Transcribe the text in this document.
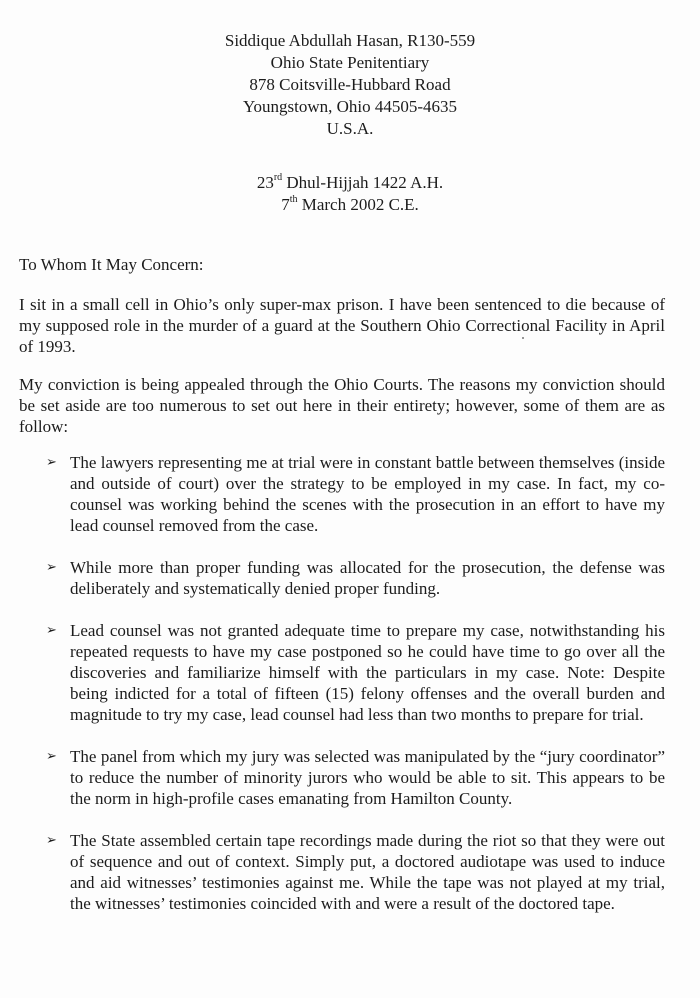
Siddique Abdullah Hasan, R130-559
Ohio State Penitentiary
878 Coitsville-Hubbard Road
Youngstown, Ohio 44505-4635
U.S.A.
23rd Dhul-Hijjah 1422 A.H.
7th March 2002 C.E.
To Whom It May Concern:

I sit in a small cell in Ohio’s only super-max prison. I have been sentenced to die because of my supposed role in the murder of a guard at the Southern Ohio Correctional Facility in April of 1993.

My conviction is being appealed through the Ohio Courts. The reasons my conviction should be set aside are too numerous to set out here in their entirety; however, some of them are as follow:

➢ The lawyers representing me at trial were in constant battle between themselves (inside and outside of court) over the strategy to be employed in my case. In fact, my co-counsel was working behind the scenes with the prosecution in an effort to have my lead counsel removed from the case.
➢ While more than proper funding was allocated for the prosecution, the defense was deliberately and systematically denied proper funding.
➢ Lead counsel was not granted adequate time to prepare my case, notwithstanding his repeated requests to have my case postponed so he could have time to go over all the discoveries and familiarize himself with the particulars in my case. Note: Despite being indicted for a total of fifteen (15) felony offenses and the overall burden and magnitude to try my case, lead counsel had less than two months to prepare for trial.
➢ The panel from which my jury was selected was manipulated by the “jury coordinator” to reduce the number of minority jurors who would be able to sit. This appears to be the norm in high-profile cases emanating from Hamilton County.
➢ The State assembled certain tape recordings made during the riot so that they were out of sequence and out of context. Simply put, a doctored audiotape was used to induce and aid witnesses’ testimonies against me. While the tape was not played at my trial, the witnesses’ testimonies coincided with and were a result of the doctored tape.
